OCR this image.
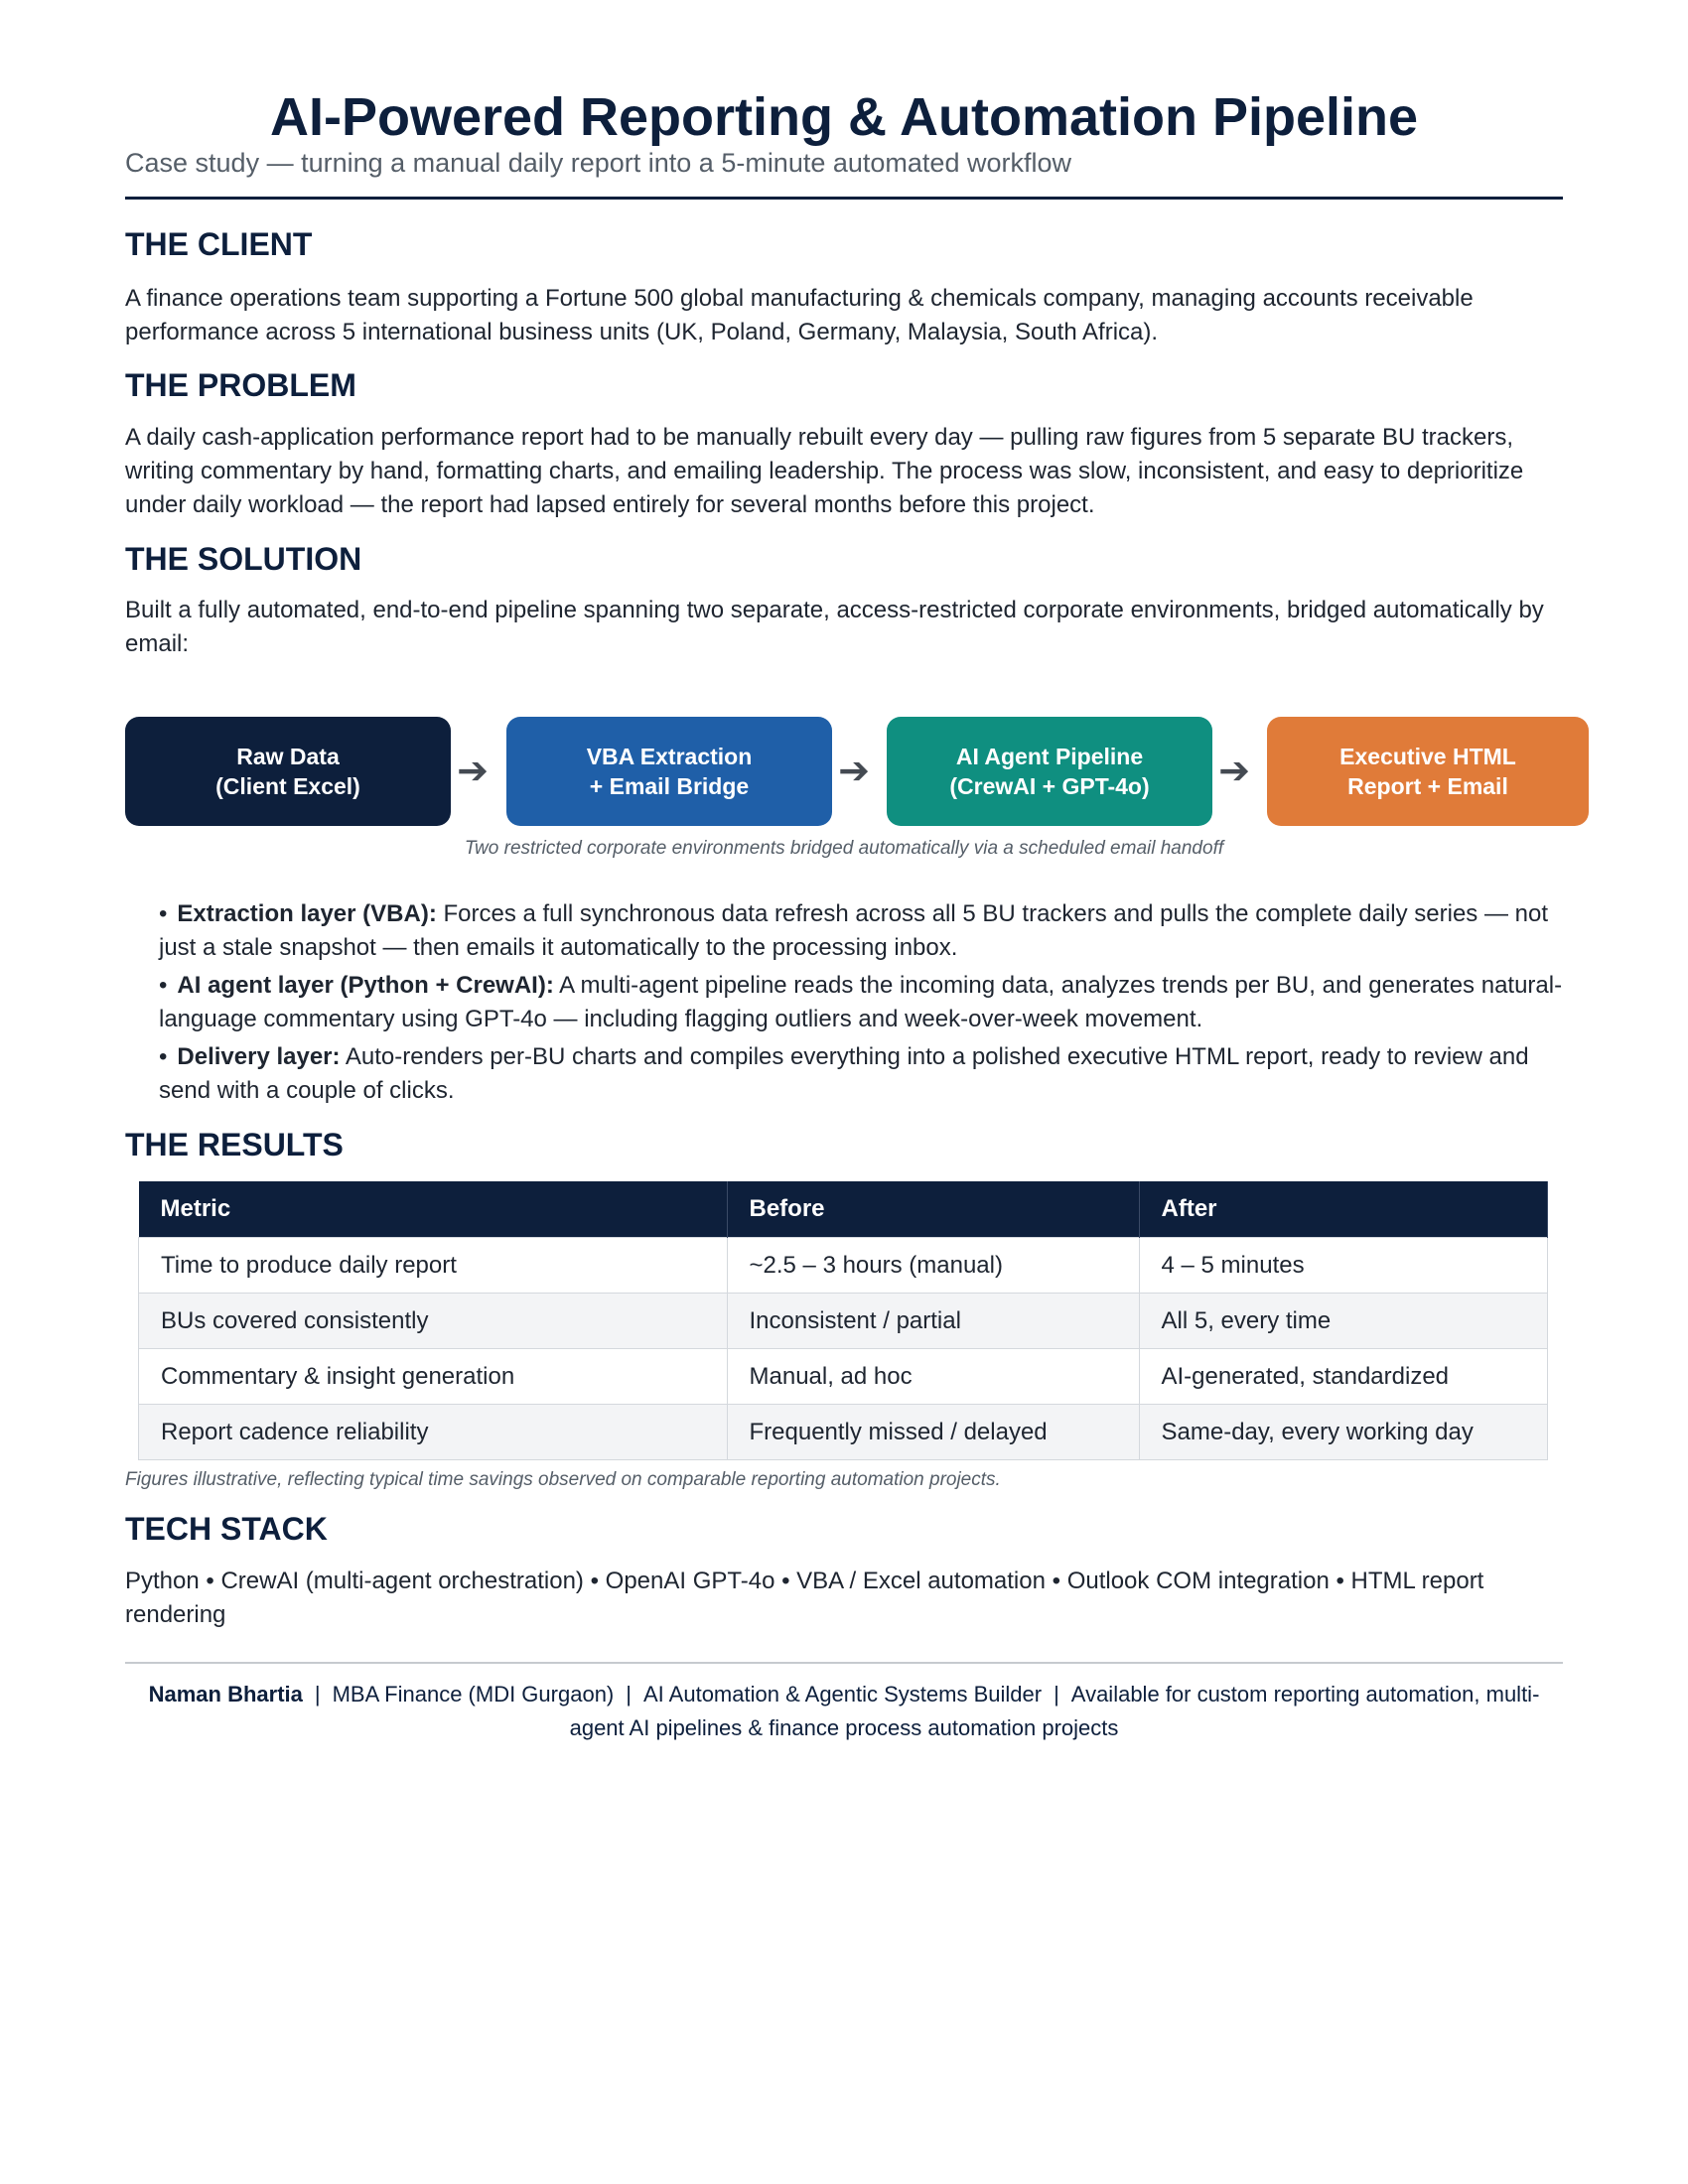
AI-Powered Reporting & Automation Pipeline
Case study — turning a manual daily report into a 5-minute automated workflow
THE CLIENT
A finance operations team supporting a Fortune 500 global manufacturing & chemicals company, managing accounts receivable performance across 5 international business units (UK, Poland, Germany, Malaysia, South Africa).
THE PROBLEM
A daily cash-application performance report had to be manually rebuilt every day — pulling raw figures from 5 separate BU trackers, writing commentary by hand, formatting charts, and emailing leadership. The process was slow, inconsistent, and easy to deprioritize under daily workload — the report had lapsed entirely for several months before this project.
THE SOLUTION
Built a fully automated, end-to-end pipeline spanning two separate, access-restricted corporate environments, bridged automatically by email:
Raw Data
(Client Excel)	➔	VBA Extraction
+ Email Bridge ➔	AI Agent Pipeline
(CrewAI + GPT-4o) ➔	Executive HTML
Report + Email
Two restricted corporate environments bridged automatically via a scheduled email handoff
• Extraction layer (VBA): Forces a full synchronous data refresh across all 5 BU trackers and pulls the complete daily series — not just a stale snapshot — then emails it automatically to the processing inbox.
• AI agent layer (Python + CrewAI): A multi-agent pipeline reads the incoming data, analyzes trends per BU, and generates natural-language commentary using GPT-4o — including flagging outliers and week-over-week movement.
• Delivery layer: Auto-renders per-BU charts and compiles everything into a polished executive HTML report, ready to review and send with a couple of clicks.
THE RESULTS
Metric	Before	After
Time to produce daily report	~2.5 – 3 hours (manual)	4 – 5 minutes
BUs covered consistently	Inconsistent / partial	All 5, every time
Commentary & insight generation	Manual, ad hoc	AI-generated, standardized
Report cadence reliability	Frequently missed / delayed	Same-day, every working day
Figures illustrative, reflecting typical time savings observed on comparable reporting automation projects.
TECH STACK
Python • CrewAI (multi-agent orchestration) • OpenAI GPT-4o • VBA / Excel automation • Outlook COM integration • HTML report rendering
Naman Bhartia | MBA Finance (MDI Gurgaon) | AI Automation & Agentic Systems Builder | Available for custom reporting automation, multi-agent AI pipelines & finance process automation projects
